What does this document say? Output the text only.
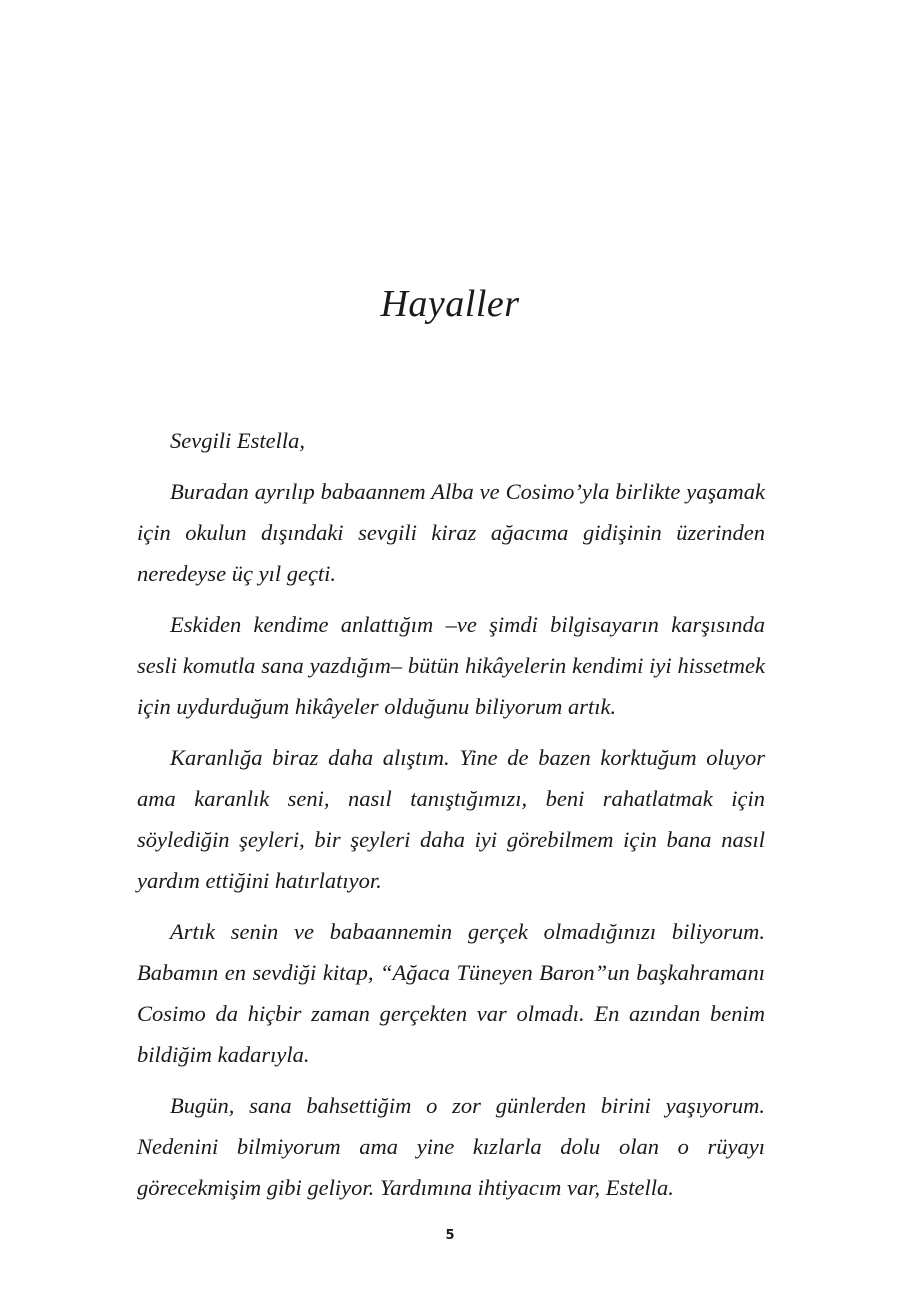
Hayaller

Sevgili Estella,

Buradan ayrılıp babaannem Alba ve Cosimo’yla birlikte yaşamak için okulun dışındaki sevgili kiraz ağacıma gidişinin üzerinden neredeyse üç yıl geçti.

Eskiden kendime anlattığım –ve şimdi bilgisayarın karşısında sesli komutla sana yazdığım– bütün hikâyelerin kendimi iyi hissetmek için uydurduğum hikâyeler olduğunu biliyorum artık.

Karanlığa biraz daha alıştım. Yine de bazen korktuğum oluyor ama karanlık seni, nasıl tanıştığımızı, beni rahatlatmak için söylediğin şeyleri, bir şeyleri daha iyi görebilmem için bana nasıl yardım ettiğini hatırlatıyor.

Artık senin ve babaannemin gerçek olmadığınızı biliyorum. Babamın en sevdiği kitap, “Ağaca Tüneyen Baron”un başkahramanı Cosimo da hiçbir zaman gerçekten var olmadı. En azından benim bildiğim kadarıyla.

Bugün, sana bahsettiğim o zor günlerden birini yaşıyorum. Nedenini bilmiyorum ama yine kızlarla dolu olan o rüyayı görecekmişim gibi geliyor. Yardımına ihtiyacım var, Estella.

5
